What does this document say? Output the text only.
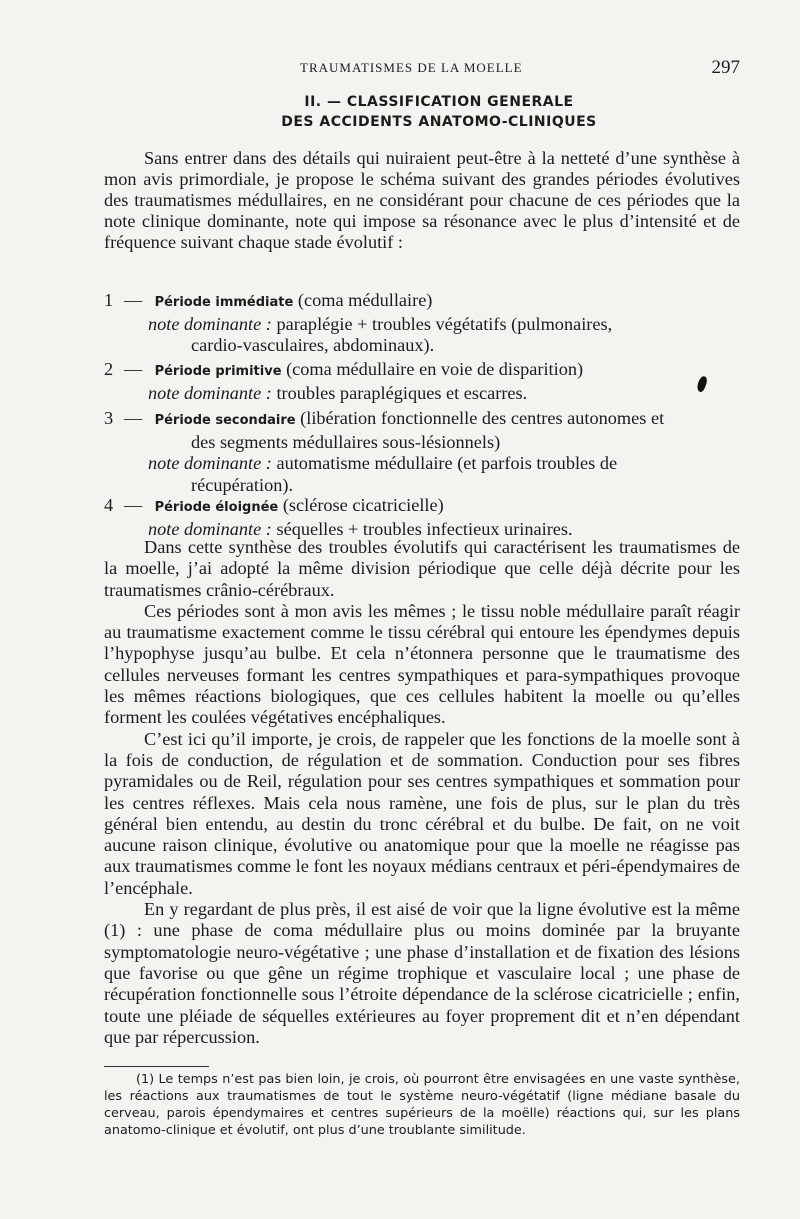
TRAUMATISMES DE LA MOELLE	297
II. — CLASSIFICATION GENERALE
DES ACCIDENTS ANATOMO-CLINIQUES

Sans entrer dans des détails qui nuiraient peut-être à la netteté d’une synthèse à mon avis primordiale, je propose le schéma suivant des grandes périodes évolutives des traumatismes médullaires, en ne considérant pour chacune de ces périodes que la note clinique dominante, note qui impose sa résonance avec le plus d’intensité et de fréquence suivant chaque stade évolutif :

1 — Période immédiate (coma médullaire)
note dominante : paraplégie + troubles végétatifs (pulmonaires,
cardio-vasculaires, abdominaux).
2 — Période primitive (coma médullaire en voie de disparition)
note dominante : troubles paraplégiques et escarres.
3 — Période secondaire (libération fonctionnelle des centres autonomes et
des segments médullaires sous-lésionnels)
note dominante : automatisme médullaire (et parfois troubles de
récupération).
4 — Période éloignée (sclérose cicatricielle)
note dominante : séquelles + troubles infectieux urinaires.

Dans cette synthèse des troubles évolutifs qui caractérisent les traumatismes de la moelle, j’ai adopté la même division périodique que celle déjà décrite pour les traumatismes crânio-cérébraux.

Ces périodes sont à mon avis les mêmes ; le tissu noble médullaire paraît réagir au traumatisme exactement comme le tissu cérébral qui entoure les épendymes depuis l’hypophyse jusqu’au bulbe. Et cela n’étonnera personne que le traumatisme des cellules nerveuses formant les centres sympathiques et para-sympathiques provoque les mêmes réactions biologiques, que ces cellules habitent la moelle ou qu’elles forment les coulées végétatives encéphaliques.

C’est ici qu’il importe, je crois, de rappeler que les fonctions de la moelle sont à la fois de conduction, de régulation et de sommation. Conduction pour ses fibres pyramidales ou de Reil, régulation pour ses centres sympathiques et sommation pour les centres réflexes. Mais cela nous ramène, une fois de plus, sur le plan du très général bien entendu, au destin du tronc cérébral et du bulbe. De fait, on ne voit aucune raison clinique, évolutive ou anatomique pour que la moelle ne réagisse pas aux traumatismes comme le font les noyaux médians centraux et péri-épendymaires de l’encéphale.

En y regardant de plus près, il est aisé de voir que la ligne évolutive est la même (1) : une phase de coma médullaire plus ou moins dominée par la bruyante symptomatologie neuro-végétative ; une phase d’installation et de fixation des lésions que favorise ou que gêne un régime trophique et vasculaire local ; une phase de récupération fonctionnelle sous l’étroite dépendance de la sclérose cicatricielle ; enfin, toute une pléiade de séquelles extérieures au foyer proprement dit et n’en dépendant que par répercussion.

(1) Le temps n’est pas bien loin, je crois, où pourront être envisagées en une vaste synthèse, les réactions aux traumatismes de tout le système neuro-végétatif (ligne médiane basale du cerveau, parois épendymaires et centres supérieurs de la moëlle) réactions qui, sur les plans anatomo-clinique et évolutif, ont plus d’une troublante similitude.
